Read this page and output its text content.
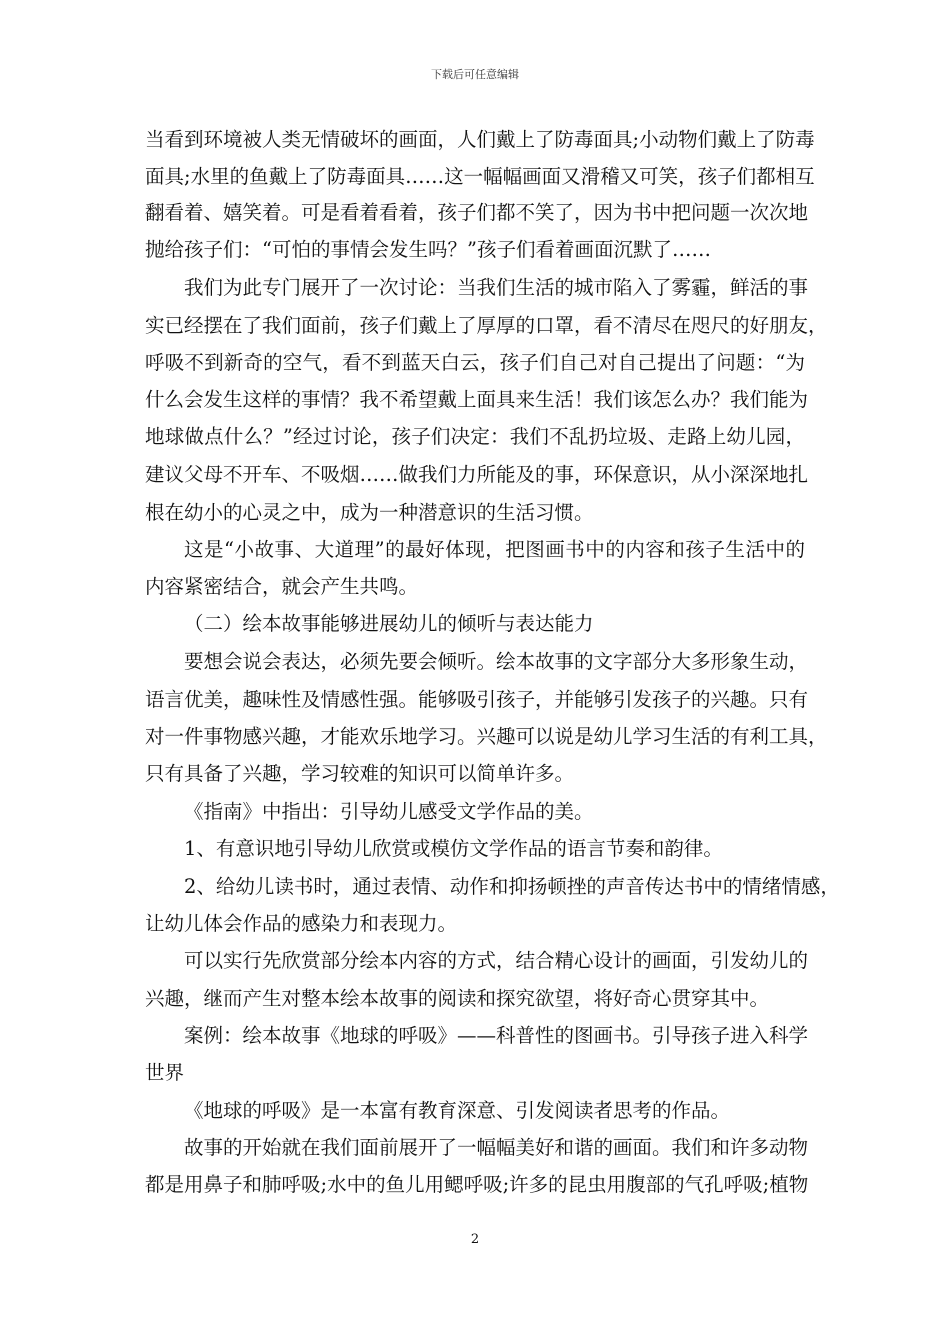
下载后可任意编辑
当看到环境被人类无情破坏的画面，人们戴上了防毒面具;小动物们戴上了防毒
面具;水里的鱼戴上了防毒面具……这一幅幅画面又滑稽又可笑，孩子们都相互
翻看着、嬉笑着。可是看着看着，孩子们都不笑了，因为书中把问题一次次地
抛给孩子们：“可怕的事情会发生吗？”孩子们看着画面沉默了……
我们为此专门展开了一次讨论：当我们生活的城市陷入了雾霾，鲜活的事
实已经摆在了我们面前，孩子们戴上了厚厚的口罩，看不清尽在咫尺的好朋友，
呼吸不到新奇的空气，看不到蓝天白云，孩子们自己对自己提出了问题：“为
什么会发生这样的事情？我不希望戴上面具来生活！我们该怎么办？我们能为
地球做点什么？”经过讨论，孩子们决定：我们不乱扔垃圾、走路上幼儿园，
建议父母不开车、不吸烟……做我们力所能及的事，环保意识，从小深深地扎
根在幼小的心灵之中，成为一种潜意识的生活习惯。
这是“小故事、大道理”的最好体现，把图画书中的内容和孩子生活中的
内容紧密结合，就会产生共鸣。
（二）绘本故事能够进展幼儿的倾听与表达能力
要想会说会表达，必须先要会倾听。绘本故事的文字部分大多形象生动，
语言优美，趣味性及情感性强。能够吸引孩子，并能够引发孩子的兴趣。只有
对一件事物感兴趣，才能欢乐地学习。兴趣可以说是幼儿学习生活的有利工具，
只有具备了兴趣，学习较难的知识可以简单许多。
《指南》中指出：引导幼儿感受文学作品的美。
1、有意识地引导幼儿欣赏或模仿文学作品的语言节奏和韵律。
2、给幼儿读书时，通过表情、动作和抑扬顿挫的声音传达书中的情绪情感，
让幼儿体会作品的感染力和表现力。
可以实行先欣赏部分绘本内容的方式，结合精心设计的画面，引发幼儿的
兴趣，继而产生对整本绘本故事的阅读和探究欲望，将好奇心贯穿其中。
案例：绘本故事《地球的呼吸》——科普性的图画书。引导孩子进入科学
世界
《地球的呼吸》是一本富有教育深意、引发阅读者思考的作品。
故事的开始就在我们面前展开了一幅幅美好和谐的画面。我们和许多动物
都是用鼻子和肺呼吸;水中的鱼儿用鳃呼吸;许多的昆虫用腹部的气孔呼吸;植物
2
